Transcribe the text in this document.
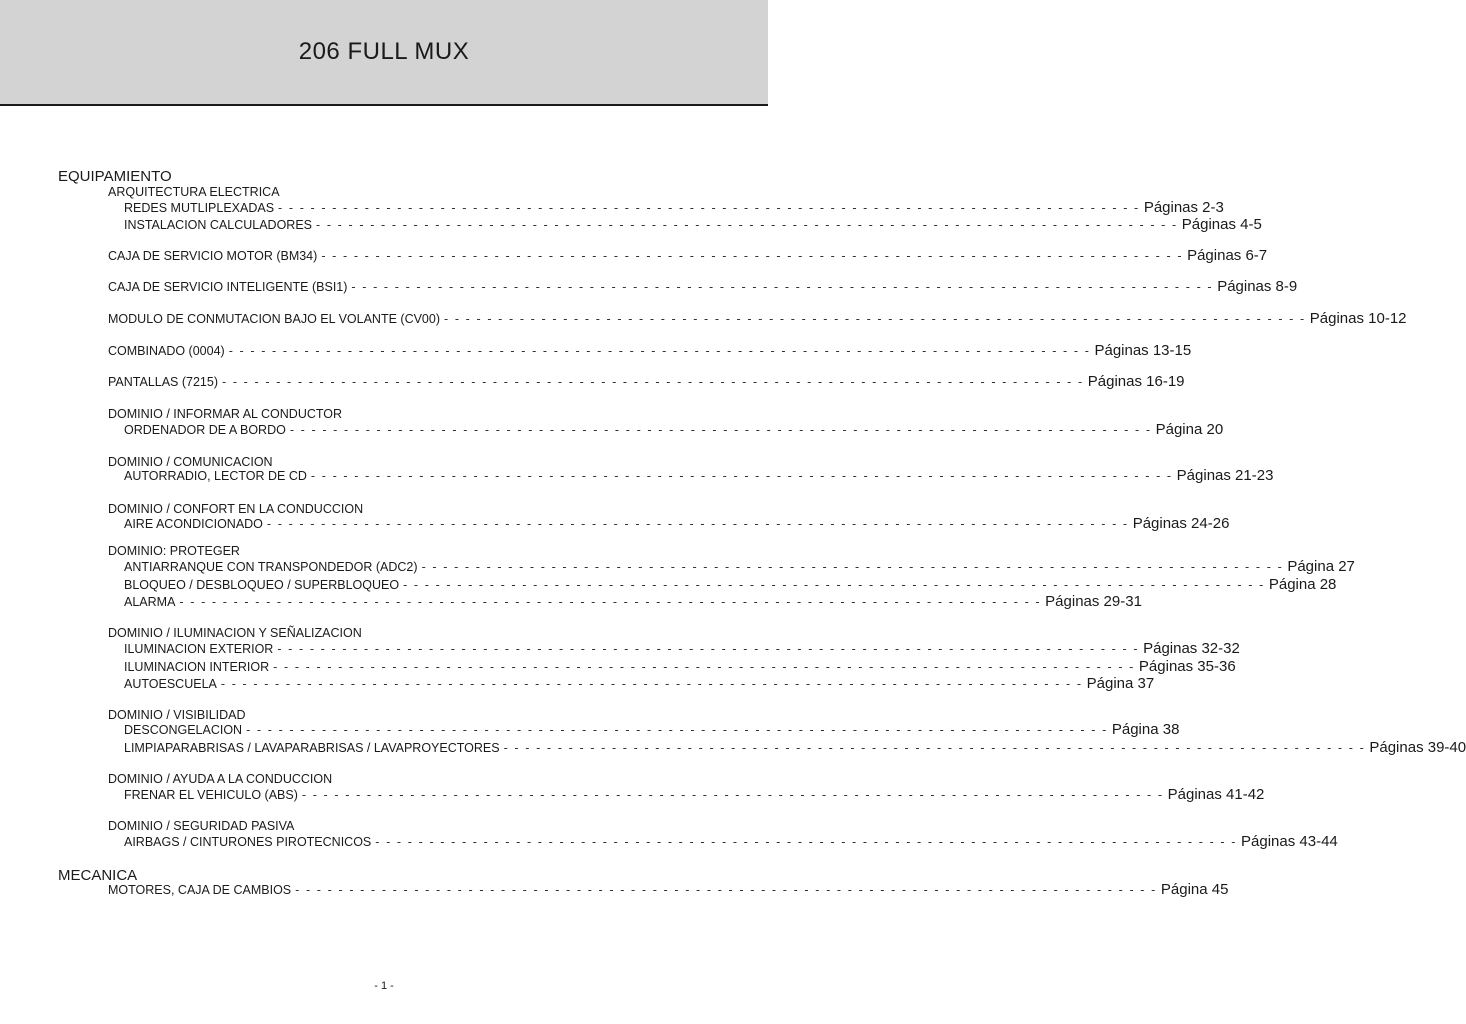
206 FULL MUX
EQUIPAMIENTO
ARQUITECTURA ELECTRICA
REDES MUTLIPLEXADAS - - - - - - - - - - - - - - - - - - - - - - - - - - - - - - - - - - - - - - - - - - - - - - - - - - - - - - - - - - - - - - - - - - - - - - - - - - - - - - - - Páginas 2-3
INSTALACION CALCULADORES - - - - - - - - - - - - - - - - - - - - - - - - - - - - - - - - - - - - - - - - - - - - - - - - - - - - - - - - - - - - - - - - - - - - - - - - - - - - - - - - Páginas 4-5
CAJA DE SERVICIO MOTOR (BM34) - - - - - - - - - - - - - - - - - - - - - - - - - - - - - - - - - - - - - - - - - - - - - - - - - - - - - - - - - - - - - - - - - - - - - - - - - - - - - - - - Páginas 6-7
CAJA DE SERVICIO INTELIGENTE (BSI1) - - - - - - - - - - - - - - - - - - - - - - - - - - - - - - - - - - - - - - - - - - - - - - - - - - - - - - - - - - - - - - - - - - - - - - - - - - - - - - - - Páginas 8-9
MODULO DE CONMUTACION BAJO EL VOLANTE (CV00) - - - - - - - - - - - - - - - - - - - - - - - - - - - - - - - - - - - - - - - - - - - - - - - - - - - - - - - - - - - - - - - - - - - - - - - - - - - - - - - - Páginas 10-12
COMBINADO (0004) - - - - - - - - - - - - - - - - - - - - - - - - - - - - - - - - - - - - - - - - - - - - - - - - - - - - - - - - - - - - - - - - - - - - - - - - - - - - - - - - Páginas 13-15
PANTALLAS (7215) - - - - - - - - - - - - - - - - - - - - - - - - - - - - - - - - - - - - - - - - - - - - - - - - - - - - - - - - - - - - - - - - - - - - - - - - - - - - - - - - Páginas 16-19
DOMINIO / INFORMAR AL CONDUCTOR
ORDENADOR DE A BORDO - - - - - - - - - - - - - - - - - - - - - - - - - - - - - - - - - - - - - - - - - - - - - - - - - - - - - - - - - - - - - - - - - - - - - - - - - - - - - - - - Página 20
DOMINIO / COMUNICACION
AUTORRADIO, LECTOR DE CD - - - - - - - - - - - - - - - - - - - - - - - - - - - - - - - - - - - - - - - - - - - - - - - - - - - - - - - - - - - - - - - - - - - - - - - - - - - - - - - - Páginas 21-23
DOMINIO / CONFORT EN LA CONDUCCION
AIRE ACONDICIONADO - - - - - - - - - - - - - - - - - - - - - - - - - - - - - - - - - - - - - - - - - - - - - - - - - - - - - - - - - - - - - - - - - - - - - - - - - - - - - - - - Páginas 24-26
DOMINIO: PROTEGER
ANTIARRANQUE CON TRANSPONDEDOR (ADC2) - - - - - - - - - - - - - - - - - - - - - - - - - - - - - - - - - - - - - - - - - - - - - - - - - - - - - - - - - - - - - - - - - - - - - - - - - - - - - - - - Página 27
BLOQUEO / DESBLOQUEO / SUPERBLOQUEO - - - - - - - - - - - - - - - - - - - - - - - - - - - - - - - - - - - - - - - - - - - - - - - - - - - - - - - - - - - - - - - - - - - - - - - - - - - - - - - - Página 28
ALARMA - - - - - - - - - - - - - - - - - - - - - - - - - - - - - - - - - - - - - - - - - - - - - - - - - - - - - - - - - - - - - - - - - - - - - - - - - - - - - - - - Páginas 29-31
DOMINIO / ILUMINACION Y SEÑALIZACION
ILUMINACION EXTERIOR - - - - - - - - - - - - - - - - - - - - - - - - - - - - - - - - - - - - - - - - - - - - - - - - - - - - - - - - - - - - - - - - - - - - - - - - - - - - - - - - Páginas 32-32
ILUMINACION INTERIOR - - - - - - - - - - - - - - - - - - - - - - - - - - - - - - - - - - - - - - - - - - - - - - - - - - - - - - - - - - - - - - - - - - - - - - - - - - - - - - - - Páginas 35-36
AUTOESCUELA - - - - - - - - - - - - - - - - - - - - - - - - - - - - - - - - - - - - - - - - - - - - - - - - - - - - - - - - - - - - - - - - - - - - - - - - - - - - - - - - Página 37
DOMINIO / VISIBILIDAD
DESCONGELACION - - - - - - - - - - - - - - - - - - - - - - - - - - - - - - - - - - - - - - - - - - - - - - - - - - - - - - - - - - - - - - - - - - - - - - - - - - - - - - - - Página 38
LIMPIAPARABRISAS / LAVAPARABRISAS / LAVAPROYECTORES - - - - - - - - - - - - - - - - - - - - - - - - - - - - - - - - - - - - - - - - - - - - - - - - - - - - - - - - - - - - - - - - - - - - - - - - - - - - - - - - Páginas 39-40
DOMINIO / AYUDA A LA CONDUCCION
FRENAR EL VEHICULO (ABS) - - - - - - - - - - - - - - - - - - - - - - - - - - - - - - - - - - - - - - - - - - - - - - - - - - - - - - - - - - - - - - - - - - - - - - - - - - - - - - - - Páginas 41-42
DOMINIO / SEGURIDAD PASIVA
AIRBAGS / CINTURONES PIROTECNICOS - - - - - - - - - - - - - - - - - - - - - - - - - - - - - - - - - - - - - - - - - - - - - - - - - - - - - - - - - - - - - - - - - - - - - - - - - - - - - - - - Páginas 43-44
MECANICA
MOTORES, CAJA DE CAMBIOS - - - - - - - - - - - - - - - - - - - - - - - - - - - - - - - - - - - - - - - - - - - - - - - - - - - - - - - - - - - - - - - - - - - - - - - - - - - - - - - - Página 45
- 1 -
